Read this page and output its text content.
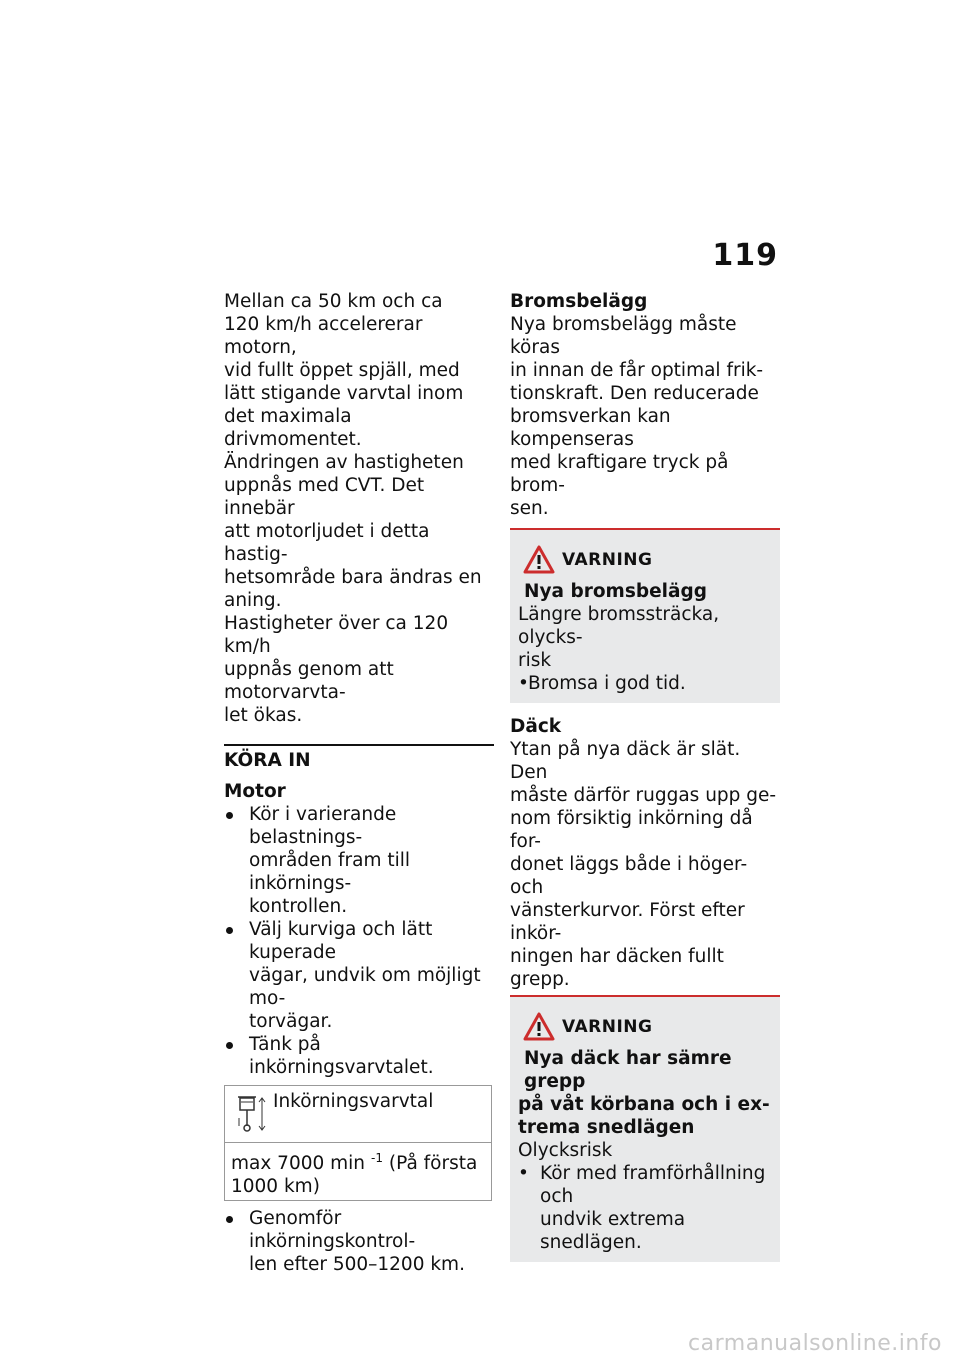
119

Mellan ca 50 km och ca
120 km/h accelererar motorn,
vid fullt öppet spjäll, med
lätt stigande varvtal inom
det maximala drivmomentet.
Ändringen av hastigheten
uppnås med CVT. Det innebär
att motorljudet i detta hastig-
hetsområde bara ändras en
aning.

Hastigheter över ca 120 km/h
uppnås genom att motorvarvta-
let ökas.

KÖRA IN
Motor
Kör i varierande belastnings-
områden fram till inkörnings-
kontrollen.
Välj kurviga och lätt kuperade
vägar, undvik om möjligt mo-
torvägar.
Tänk på inkörningsvarvtalet.
Inkörningsvarvtal
max 7000 min $^{-1}$ (På första
1000 km)
Genomför inkörningskontrol-
len efter 500–1200 km.
Bromsbelägg

Nya bromsbelägg måste köras
in innan de får optimal frik-
tionskraft. Den reducerade
bromsverkan kan kompenseras
med kraftigare tryck på brom-
sen.

VARNING
Nya bromsbelägg

Längre bromssträcka, olycks-
risk

• Bromsa i god tid.
Däck

Ytan på nya däck är slät. Den
måste därför ruggas upp ge-
nom försiktig inkörning då for-
donet läggs både i höger- och
vänsterkurvor. Först efter inkör-
ningen har däcken fullt grepp.

VARNING
Nya däck har sämre grepp

på våt körbana och i ex-
trema snedlägen

Olycksrisk

• Kör med framförhållning och
undvik extrema snedlägen.
carmanualsonline.info
